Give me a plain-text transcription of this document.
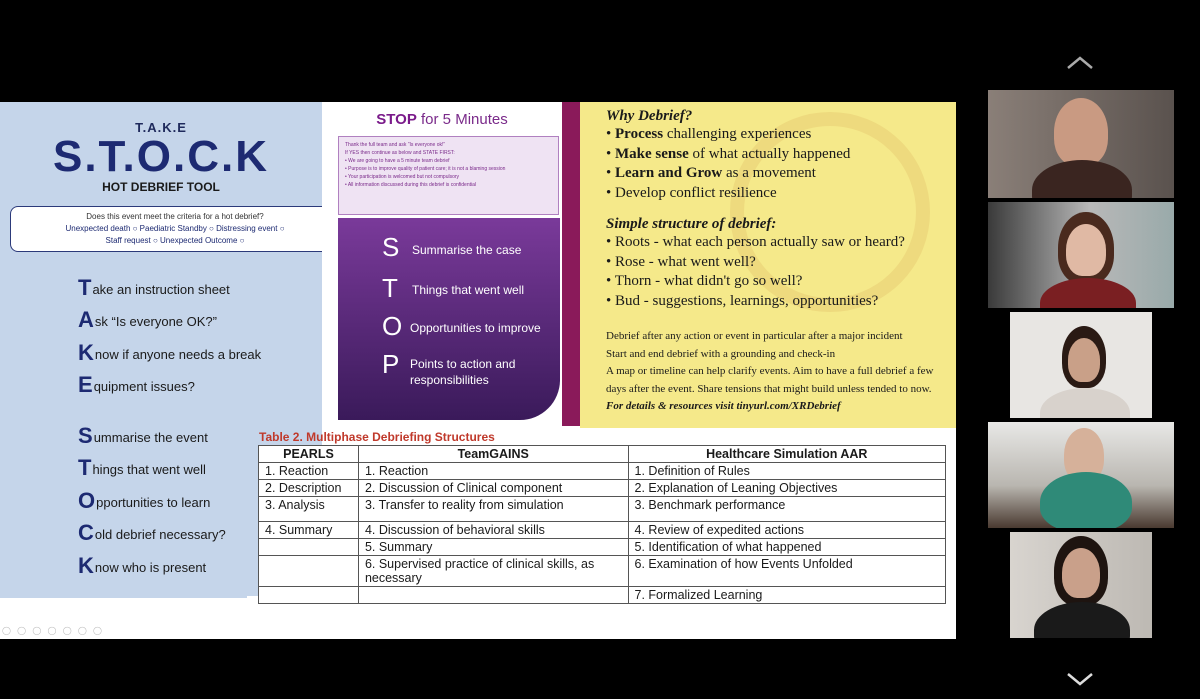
T.A.K.E
S.T.O.C.K
HOT DEBRIEF TOOL
Does this event meet the criteria for a hot debrief?
Unexpected death ○ Paediatric Standby ○ Distressing event ○
Staff request ○ Unexpected Outcome ○
T ake an instruction sheet
A sk “Is everyone OK?”
K now if anyone needs a break
E quipment issues?
S ummarise the event
T hings that went well
O pportunities to learn
C old debrief necessary?
K now who is present
STOP for 5 Minutes
Thank the full team and ask “Is everyone ok!”
If YES then continue as below and STATE FIRST:
• We are going to have a 5 minute team debrief
• Purpose is to improve quality of patient care; it is not a blaming session
• Your participation is welcomed but not compulsory
• All information discussed during this debrief is confidential
S
T
O
P
Summarise the case
Things that went well
Opportunities to improve
Points to action and responsibilities
Why Debrief?
• Process challenging experiences
• Make sense of what actually happened
• Learn and Grow as a movement
• Develop conflict resilience
Simple structure of debrief:
• Roots - what each person actually saw or heard?
• Rose - what went well?
• Thorn - what didn't go so well?
• Bud - suggestions, learnings, opportunities?
Debrief after any action or event in particular after a major incident
Start and end debrief with a grounding and check-in
A map or timeline can help clarify events. Aim to have a full debrief a few days after the event. Share tensions that might build unless tended to now.
For details & resources visit tinyurl.com/XRDebrief
Table 2. Multiphase Debriefing Structures
PEARLS	TeamGAINS	Healthcare Simulation AAR
1. Reaction	1. Reaction	1. Definition of Rules
2. Description	2. Discussion of Clinical component	2. Explanation of Leaning Objectives
3. Analysis	3. Transfer to reality from simulation	3. Benchmark performance
4. Summary	4. Discussion of behavioral skills	4. Review of expedited actions
	5. Summary	5. Identification of what happened
	6. Supervised practice of clinical skills, as necessary	6. Examination of how Events Unfolded
		7. Formalized Learning
◯ ◯ ◯ ◯ ◯ ◯ ◯
